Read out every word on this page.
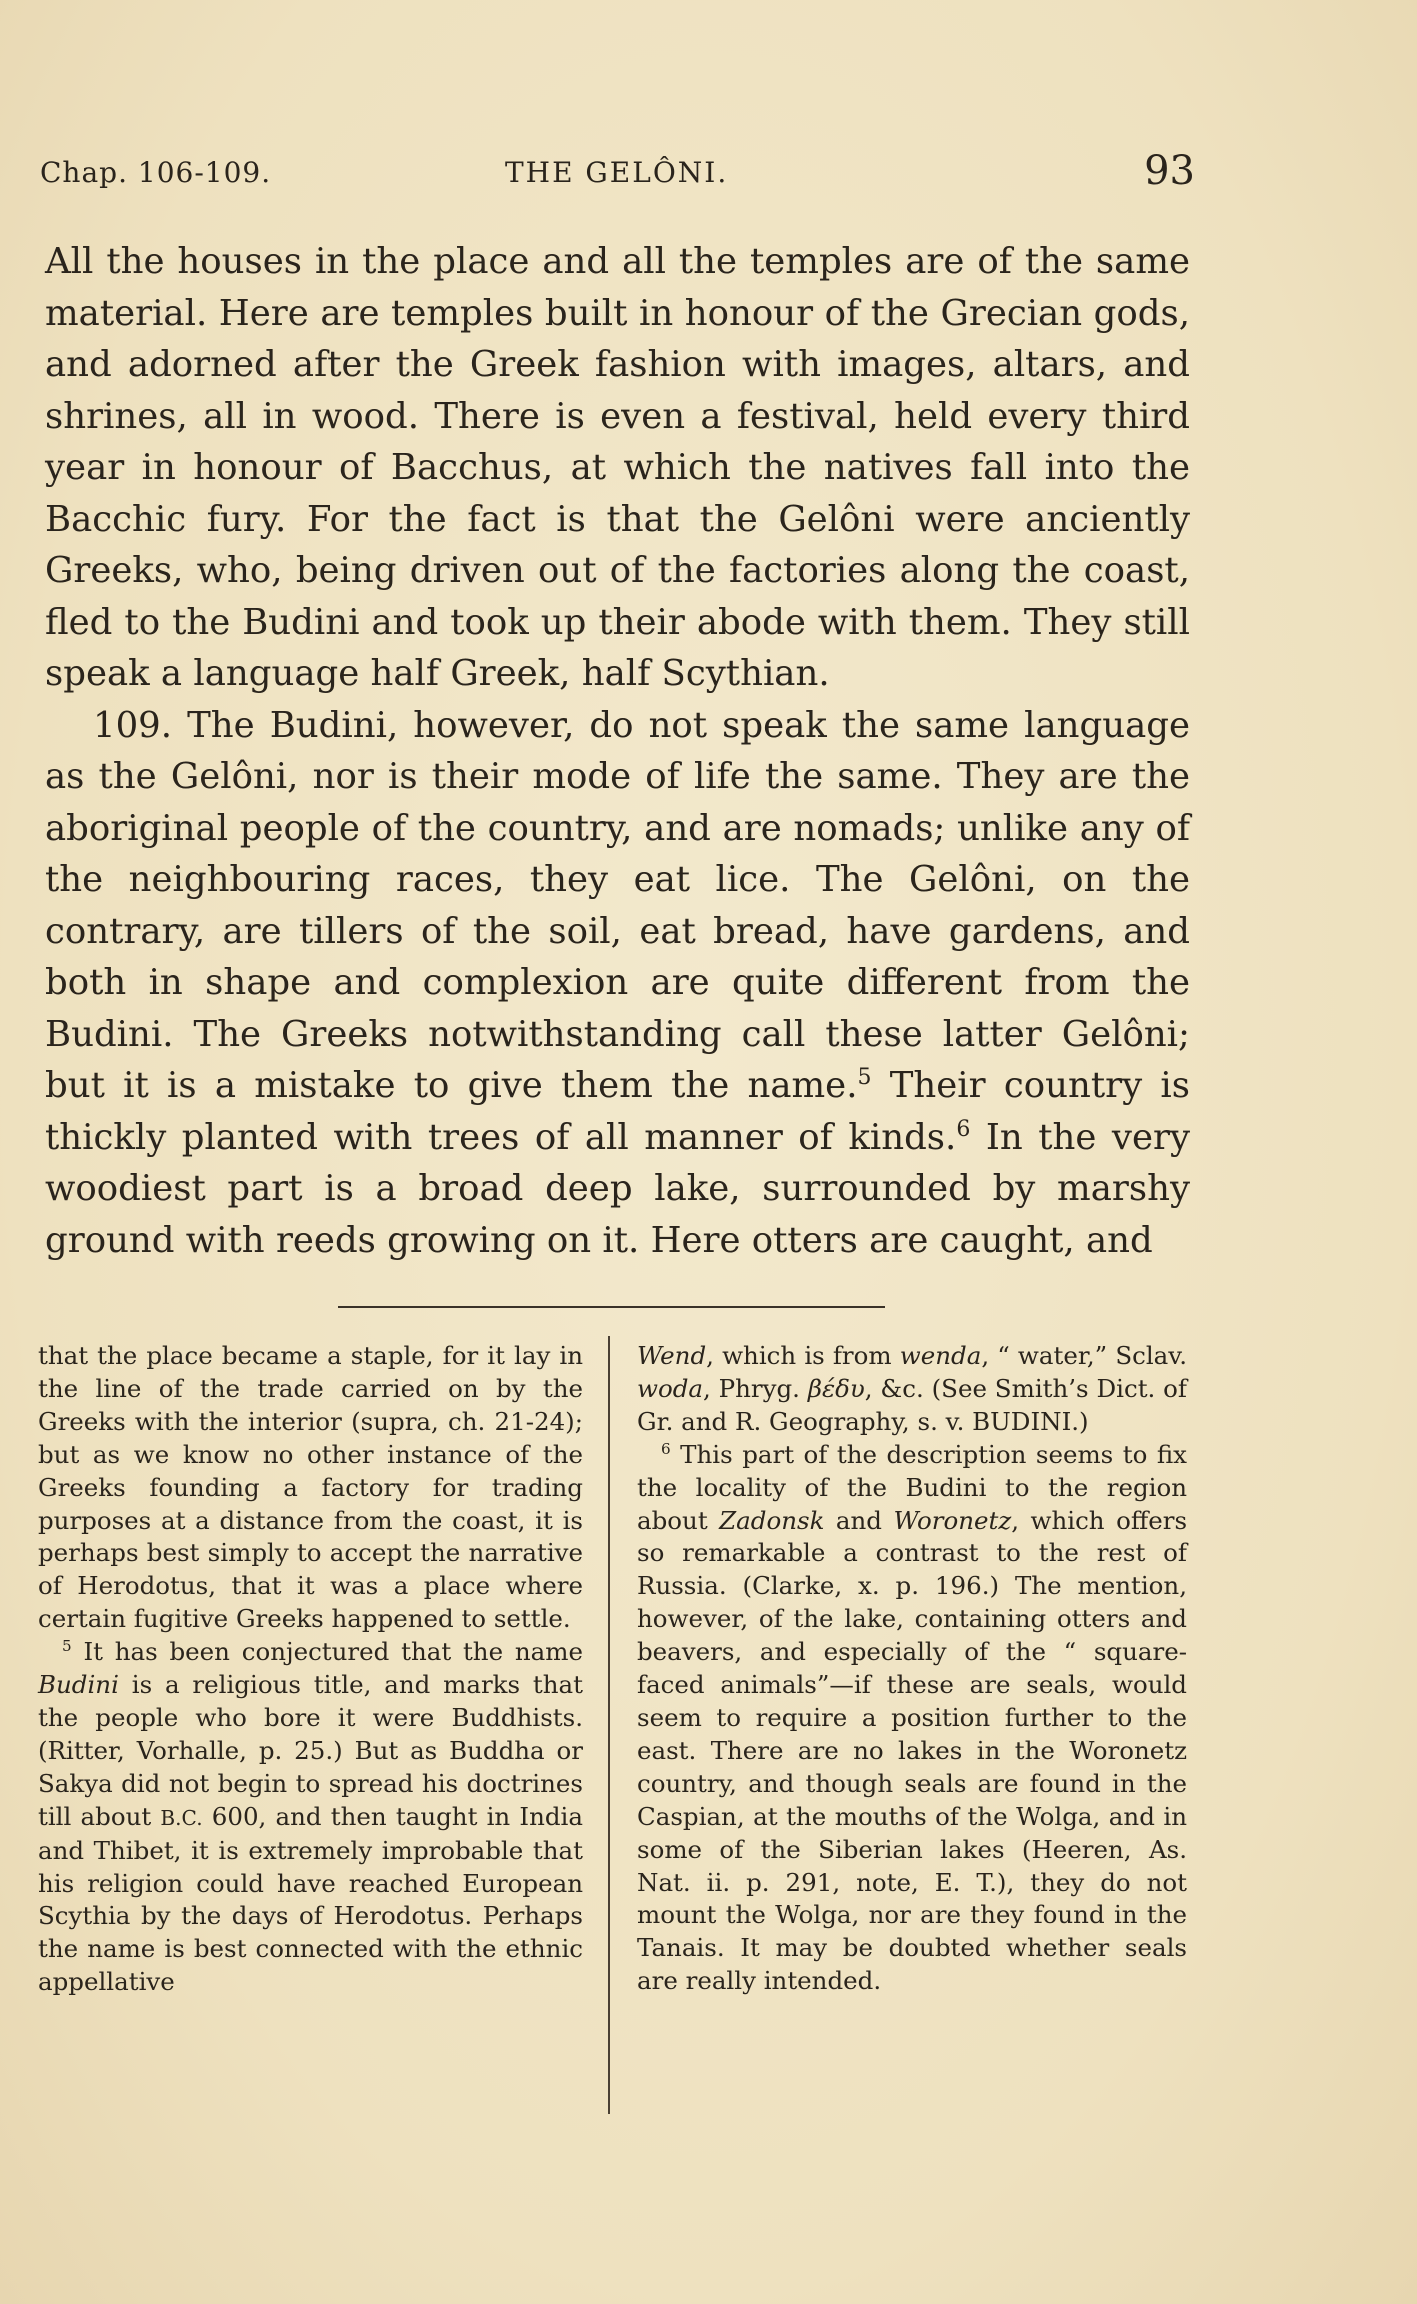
Chap. 106-109.	THE GELÔNI.	93

All the houses in the place and all the temples are of the same material. Here are temples built in honour of the Grecian gods, and adorned after the Greek fashion with images, altars, and shrines, all in wood. There is even a festival, held every third year in honour of Bacchus, at which the natives fall into the Bacchic fury. For the fact is that the Gelôni were anciently Greeks, who, being driven out of the factories along the coast, fled to the Budini and took up their abode with them. They still speak a language half Greek, half Scythian.

109. The Budini, however, do not speak the same language as the Gelôni, nor is their mode of life the same. They are the aboriginal people of the country, and are nomads; unlike any of the neighbouring races, they eat lice. The Gelôni, on the contrary, are tillers of the soil, eat bread, have gardens, and both in shape and complexion are quite different from the Budini. The Greeks notwithstanding call these latter Gelôni; but it is a mistake to give them the name.$^5$ Their country is thickly planted with trees of all manner of kinds.$^6$ In the very woodiest part is a broad deep lake, surrounded by marshy ground with reeds growing on it. Here otters are caught, and

that the place became a staple, for it lay in the line of the trade carried on by the Greeks with the interior (supra, ch. 21-24); but as we know no other instance of the Greeks founding a factory for trading purposes at a distance from the coast, it is perhaps best simply to accept the narrative of Herodotus, that it was a place where certain fugitive Greeks happened to settle.

$^5$ It has been conjectured that the name Budini is a religious title, and marks that the people who bore it were Buddhists. (Ritter, Vorhalle, p. 25.) But as Buddha or Sakya did not begin to spread his doctrines till about B.C. 600, and then taught in India and Thibet, it is extremely improbable that his religion could have reached European Scythia by the days of Herodotus. Perhaps the name is best connected with the ethnic appellative

Wend, which is from wenda, “ water,” Sclav. woda, Phryg. βέδυ, &c. (See Smith’s Dict. of Gr. and R. Geography, s. v. BUDINI.)

$^6$ This part of the description seems to fix the locality of the Budini to the region about Zadonsk and Woronetz, which offers so remarkable a contrast to the rest of Russia. (Clarke, x. p. 196.) The mention, however, of the lake, containing otters and beavers, and especially of the “ square-faced animals”—if these are seals, would seem to require a position further to the east. There are no lakes in the Woronetz country, and though seals are found in the Caspian, at the mouths of the Wolga, and in some of the Siberian lakes (Heeren, As. Nat. ii. p. 291, note, E. T.), they do not mount the Wolga, nor are they found in the Tanais. It may be doubted whether seals are really intended.
